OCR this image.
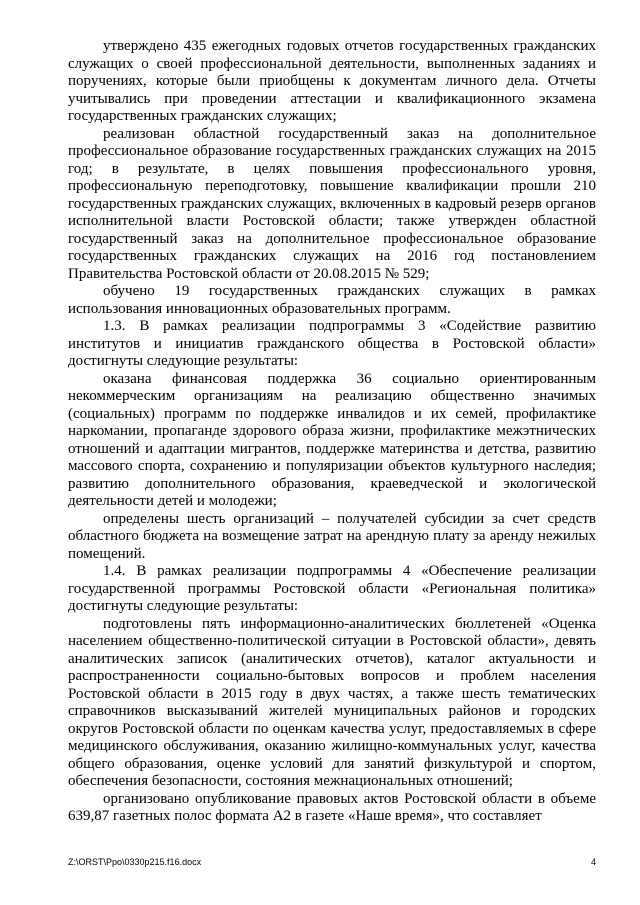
утверждено 435 ежегодных годовых отчетов государственных гражданских служащих о своей профессиональной деятельности, выполненных заданиях и поручениях, которые были приобщены к документам личного дела. Отчеты учитывались при проведении аттестации и квалификационного экзамена государственных гражданских служащих;

реализован областной государственный заказ на дополнительное профессиональное образование государственных гражданских служащих на 2015 год; в результате, в целях повышения профессионального уровня, профессиональную переподготовку, повышение квалификации прошли 210 государственных гражданских служащих, включенных в кадровый резерв органов исполнительной власти Ростовской области; также утвержден областной государственный заказ на дополнительное профессиональное образование государственных гражданских служащих на 2016 год постановлением Правительства Ростовской области от 20.08.2015 № 529;

обучено 19 государственных гражданских служащих в рамках использования инновационных образовательных программ.

1.3. В рамках реализации подпрограммы 3 «Содействие развитию институтов и инициатив гражданского общества в Ростовской области» достигнуты следующие результаты:

оказана финансовая поддержка 36 социально ориентированным некоммерческим организациям на реализацию общественно значимых (социальных) программ по поддержке инвалидов и их семей, профилактике наркомании, пропаганде здорового образа жизни, профилактике межэтнических отношений и адаптации мигрантов, поддержке материнства и детства, развитию массового спорта, сохранению и популяризации объектов культурного наследия; развитию дополнительного образования, краеведческой и экологической деятельности детей и молодежи;

определены шесть организаций – получателей субсидии за счет средств областного бюджета на возмещение затрат на арендную плату за аренду нежилых помещений.

1.4. В рамках реализации подпрограммы 4 «Обеспечение реализации государственной программы Ростовской области «Региональная политика» достигнуты следующие результаты:

подготовлены пять информационно-аналитических бюллетеней «Оценка населением общественно-политической ситуации в Ростовской области», девять аналитических записок (аналитических отчетов), каталог актуальности и распространенности социально-бытовых вопросов и проблем населения Ростовской области в 2015 году в двух частях, а также шесть тематических справочников высказываний жителей муниципальных районов и городских округов Ростовской области по оценкам качества услуг, предоставляемых в сфере медицинского обслуживания, оказанию жилищно-коммунальных услуг, качества общего образования, оценке условий для занятий физкультурой и спортом, обеспечения безопасности, состояния межнациональных отношений;

организовано опубликование правовых актов Ростовской области в объеме 639,87 газетных полос формата А2 в газете «Наше время», что составляет

Z:\ORST\Ppo\0330p215.f16.docx	4
